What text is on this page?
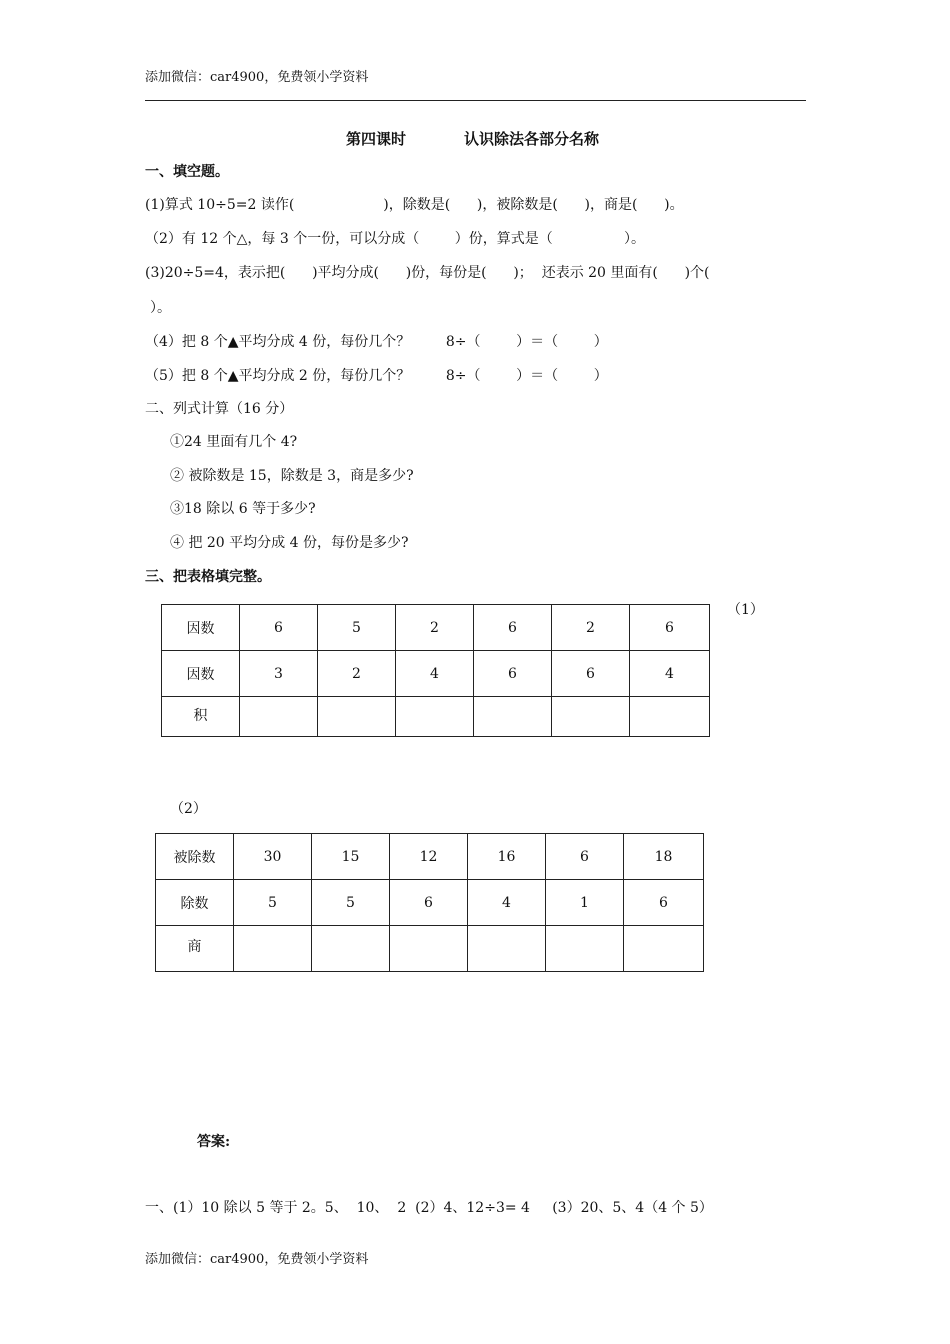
添加微信：car4900，免费领小学资料
第四课时	认识除法各部分名称
一、填空题。
(1)算式 10÷5=2 读作(                    )，除数是(      )，被除数是(      )，商是(      )。
（2）有 12 个△，每 3 个一份，可以分成（        ）份，算式是（                ）。
(3)20÷5=4，表示把(      )平均分成(      )份，每份是(      )；  还表示 20 里面有(      )个(
）。
（4）把 8 个▲平均分成 4 份，每份几个？        8÷（        ）＝（        ）
（5）把 8 个▲平均分成 2 份，每份几个？        8÷（        ）＝（        ）
二、列式计算（16 分）
①24 里面有几个 4?
② 被除数是 15，除数是 3，商是多少?
③18 除以 6 等于多少?
④ 把 20 平均分成 4 份，每份是多少?
三、把表格填完整。
（1）
因数	6	5	2	6	2	6
因数	3	2	4	6	6	4
积						
（2）
被除数	30	15	12	16	6	18
除数	5	5	6	4	1	6
商						
答案:
一、(1）10 除以 5 等于 2。5、  10、  2  (2）4、12÷3= 4     (3）20、5、4（4 个 5）
添加微信：car4900，免费领小学资料
